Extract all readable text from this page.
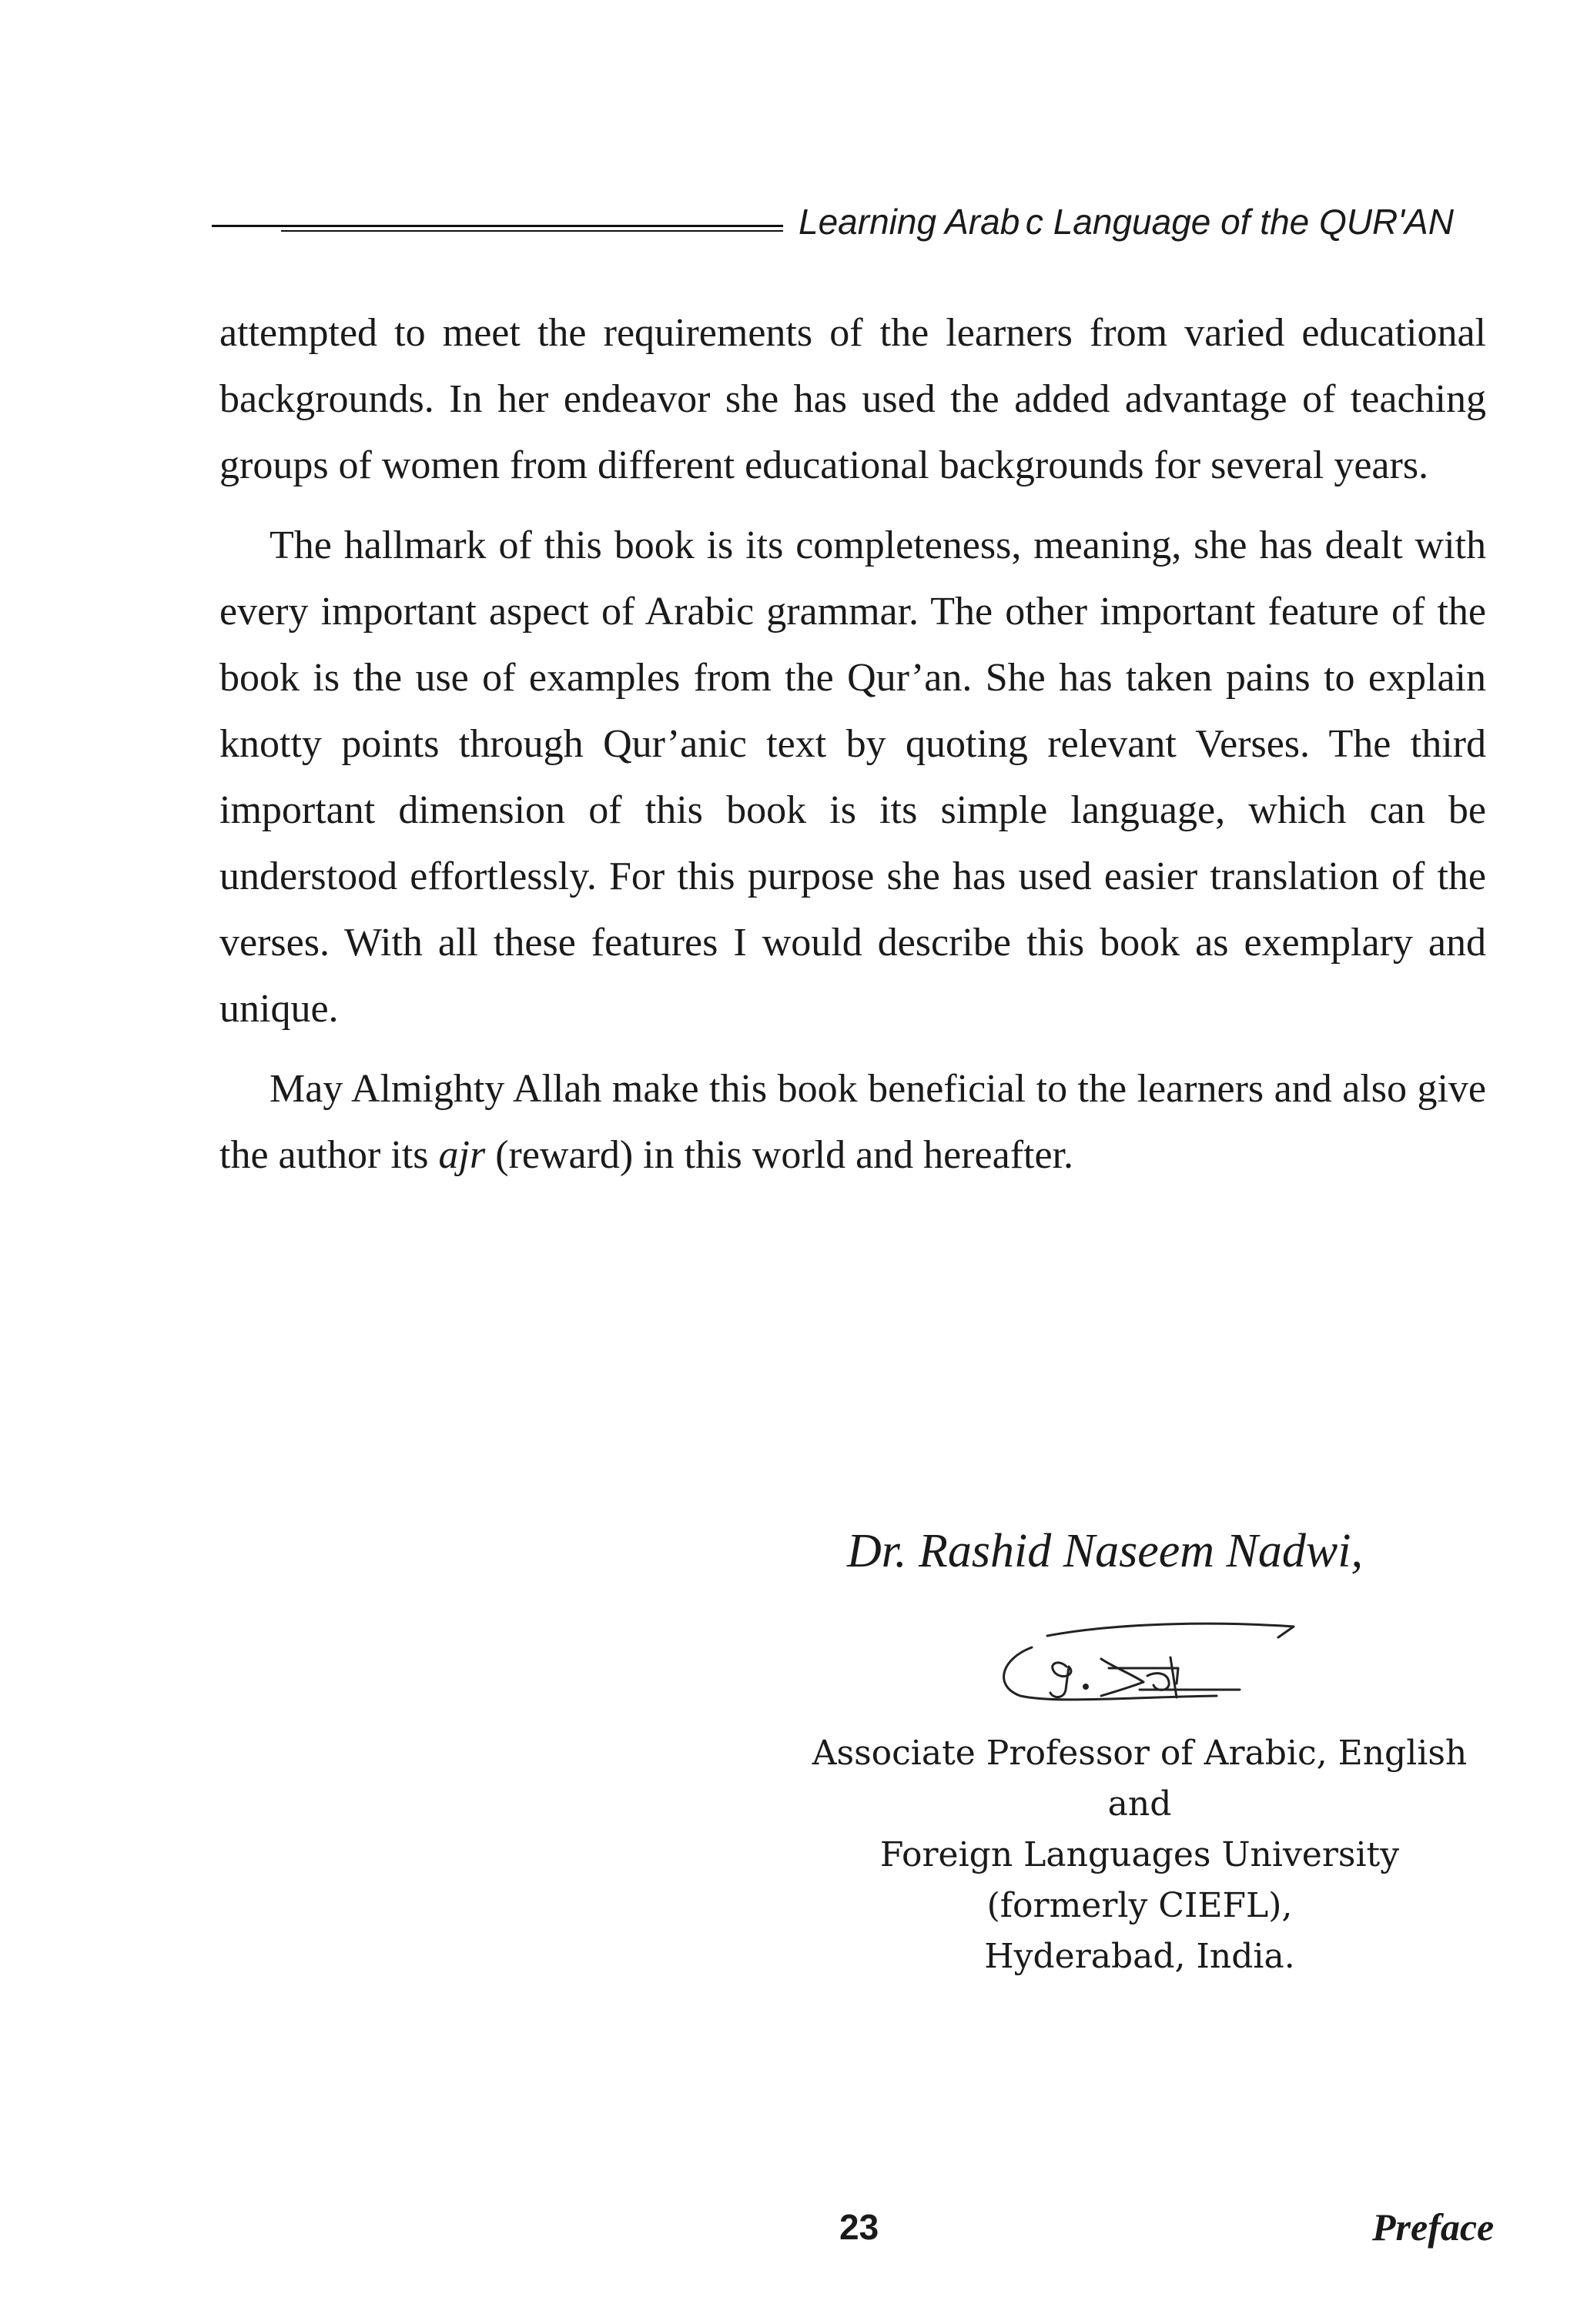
Learning Arab c Language of the QUR'AN

attempted to meet the requirements of the learners from varied educational backgrounds. In her endeavor she has used the added advantage of teaching groups of women from different educational backgrounds for several years.

The hallmark of this book is its completeness, meaning, she has dealt with every important aspect of Arabic grammar. The other important feature of the book is the use of examples from the Qur’an. She has taken pains to explain knotty points through Qur’anic text by quoting relevant Verses. The third important dimension of this book is its simple language, which can be understood effortlessly. For this purpose she has used easier translation of the verses. With all these features I would describe this book as exemplary and unique.

May Almighty Allah make this book beneficial to the learners and also give the author its ajr (reward) in this world and hereafter.

Dr. Rashid Naseem Nadwi,
Associate Professor of Arabic, English
and
Foreign Languages University
(formerly CIEFL),
Hyderabad, India.
23	Preface
